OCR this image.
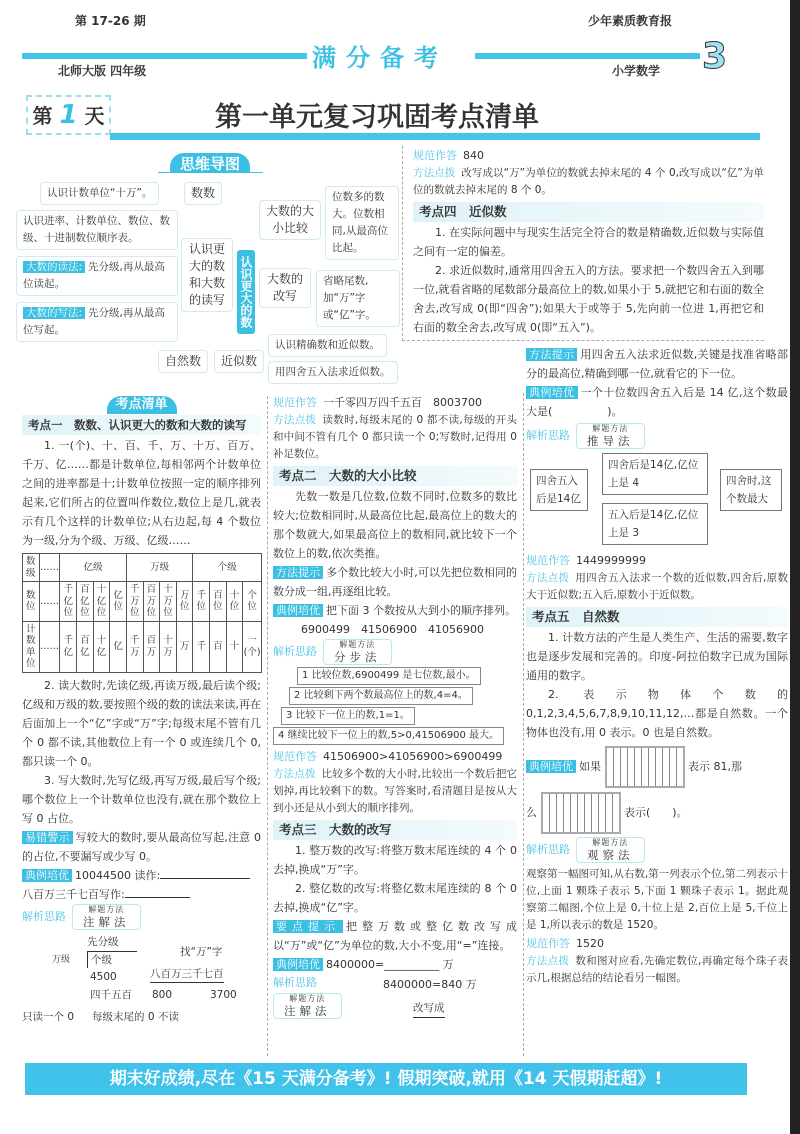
第 17-26 期
北师大版 四年级	满分备考
少年素质教育报
小学数学 3
第 1 天	第一单元复习巩固考点清单
思维导图
认识计数单位“十万”。	数数
认识进率、计数单位、数位、数级、十进制数位顺序表。
大数的读法: 先分级,再从最高位读起。
大数的写法: 先分级,再从最高位写起。
认识更大的数和大数的读写	认识更大的数
大数的大小比较
位数多的数大。位数相同,从最高位比起。
大数的改写
省略尾数,加“万”字或“亿”字。
自然数	近似数
认识精确数和近似数。
用四舍五入法求近似数。
规范作答 840
方法点拨 改写成以“万”为单位的数就去掉末尾的 4 个 0,改写成以“亿”为单位的数就去掉末尾的 8 个 0。
考点四　近似数
1. 在实际问题中与现实生活完全符合的数是精确数,近似数与实际值之间有一定的偏差。
2. 求近似数时,通常用四舍五入的方法。要求把一个数四舍五入到哪一位,就看省略的尾数部分最高位上的数,如果小于 5,就把它和右面的数全舍去,改写成 0(即“四舍”);如果大于或等于 5,先向前一位进 1,再把它和右面的数全舍去,改写成 0(即“五入”)。
方法提示 用四舍五入法求近似数,关键是找准省略部分的最高位,精确到哪一位,就看它的下一位。
典例培优 一个十位数四舍五入后是 14 亿,这个数最大是(　　　　　)。
解析思路
解题方法
推导法
四舍五入后是14亿
四舍后是14亿,亿位上是 4
五入后是14亿,亿位上是 3
四舍时,这个数最大
规范作答 1449999999
方法点拨 用四舍五入法求一个数的近似数,四舍后,原数大于近似数;五入后,原数小于近似数。
考点五　自然数
1. 计数方法的产生是人类生产、生活的需要,数字也是逐步发展和完善的。印度-阿拉伯数字已成为国际通用的数字。
2. 表示物体个数的 0,1,2,3,4,5,6,7,8,9,10,11,12,…都是自然数。一个物体也没有,用 0 表示。0 也是自然数。
典例培优 如果	表示 81,那
么	表示(　　)。
解析思路
解题方法
观察法
观察第一幅图可知,从右数,第一列表示个位,第二列表示十位,上面 1 颗珠子表示 5,下面 1 颗珠子表示 1。据此观察第二幅图,个位上是 0,十位上是 2,百位上是 5,千位上是 1,所以表示的数是 1520。
规范作答 1520
方法点拨 数和图对应看,先确定数位,再确定每个珠子表示几,根据总结的结论看另一幅图。
考点清单
考点一　数数、认识更大的数和大数的读写
1. 一(个)、十、百、千、万、十万、百万、千万、亿……都是计数单位,每相邻两个计数单位之间的进率都是十;计数单位按照一定的顺序排列起来,它们所占的位置叫作数位,数位上是几,就表示有几个这样的计数单位;从右边起,每 4 个数位为一级,分为个级、万级、亿级……
数级	……	亿级				万级				个级			
数位	……	千亿位	百亿位	十亿位	亿位	千万位	百万位	十万位	万位	千位	百位	十位	个位
计数单位	……	千亿	百亿	十亿	亿	千万	百万	十万	万	千	百	十	一(个)
2. 读大数时,先读亿级,再读万级,最后读个级;亿级和万级的数,要按照个级的数的读法来读,再在后面加上一个“亿”字或“万”字;每级末尾不管有几个 0 都不读,其他数位上有一个 0 或连续几个 0,都只读一个 0。
3. 写大数时,先写亿级,再写万级,最后写个级;哪个数位上一个计数单位也没有,就在那个数位上写 0 占位。
易错警示 写较大的数时,要从最高位写起,注意 0 的占位,不要漏写或少写 0。
典例培优 10044500 读作:
八百万三千七百写作:
解析思路
解题方法
注解法
先分级
万级	个级
4500
四千五百
只读一个 0 每级末尾的 0 不读
找“万”字
八百万三千七百
800	3700
规范作答 一千零四万四千五百　8003700
方法点拨 读数时,每级末尾的 0 都不读,每级的开头和中间不管有几个 0 都只读一个 0;写数时,记得用 0 补足数位。
考点二　大数的大小比较
先数一数是几位数,位数不同时,位数多的数比较大;位数相同时,从最高位比起,最高位上的数大的那个数就大,如果最高位上的数相同,就比较下一个数位上的数,依次类推。
方法提示 多个数比较大小时,可以先把位数相同的数分成一组,再逐组比较。
典例培优 把下面 3 个数按从大到小的顺序排列。
6900499　41506900　41056900
解析思路
解题方法
分步法
1 比较位数,6900499 是七位数,最小。
2 比较剩下两个数最高位上的数,4=4。
3 比较下一位上的数,1=1。
4 继续比较下一位上的数,5>0,41506900 最大。
规范作答 41506900>41056900>6900499
方法点拨 比较多个数的大小时,比较出一个数后把它划掉,再比较剩下的数。写答案时,看清题目是按从大到小还是从小到大的顺序排列。
考点三　大数的改写
1. 整万数的改写:将整万数末尾连续的 4 个 0 去掉,换成“万”字。
2. 整亿数的改写:将整亿数末尾连续的 8 个 0 去掉,换成“亿”字。
要点提示 把整万数或整亿数改写成以“万”或“亿”为单位的数,大小不变,用“=”连接。
典例培优 8400000=__________ 万
解析思路
解题方法
注解法
8400000=840 万
改写成
期末好成绩,尽在《15 天满分备考》! 假期突破,就用《14 天假期赶超》!
